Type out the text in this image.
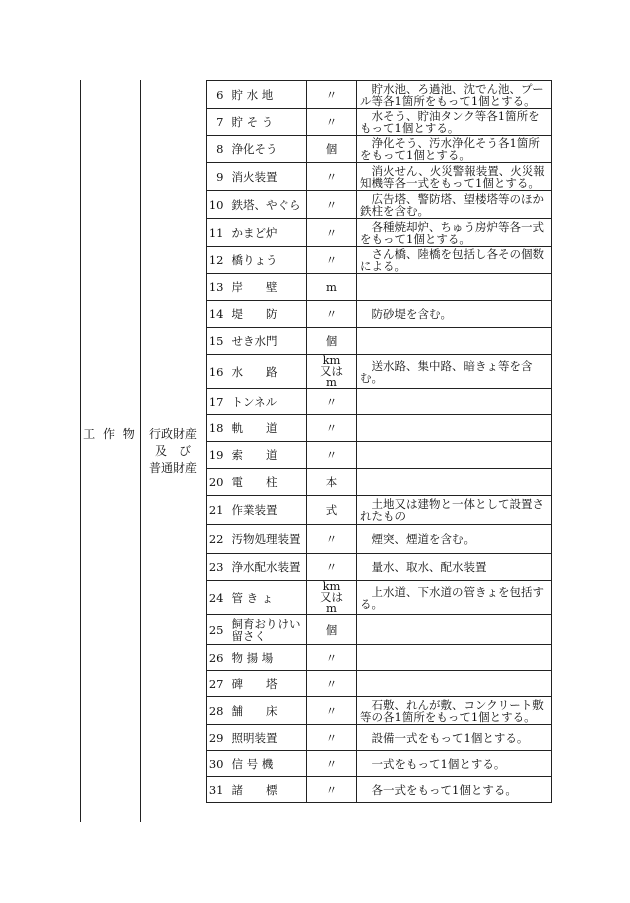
工 作 物	行政財産
及　び
普通財産
6	貯 水 地	〃	　貯水池、ろ過池、沈でん池、プール等各1箇所をもって1個とする。
7	貯 そ う	〃	　水そう、貯油タンク等各1箇所をもって1個とする。
8	浄化そう	個	　浄化そう、汚水浄化そう各1箇所をもって1個とする。
9	消火装置	〃	　消火せん、火災警報装置、火災報知機等各一式をもって1個とする。
10	鉄塔、やぐら	〃	　広告塔、警防塔、望楼塔等のほか鉄柱を含む。
11	かまど炉	〃	　各種焼却炉、ちゅう房炉等各一式をもって1個とする。
12	橋りょう	〃	　さん橋、陸橋を包括し各その個数による。
13	岸　　壁	m	
14	堤　　防	〃	　防砂堤を含む。
15	せき水門	個	
16	水　　路	km又はm	　送水路、集中路、暗きょ等を含む。
17	トンネル	〃	
18	軌　　道	〃	
19	索　　道	〃	
20	電　　柱	本	
21	作業装置	式	　土地又は建物と一体として設置されたもの
22	汚物処理装置	〃	　煙突、煙道を含む。
23	浄水配水装置	〃	　量水、取水、配水装置
24	管 き ょ	km又はm	　上水道、下水道の管きょを包括する。
25	飼育おりけい留さく	個	
26	物 揚 場	〃	
27	碑　　塔	〃	
28	舗　　床	〃	　石敷、れんが敷、コンクリート敷等の各1箇所をもって1個とする。
29	照明装置	〃	　設備一式をもって1個とする。
30	信 号 機	〃	　一式をもって1個とする。
31	諸　　標	〃	　各一式をもって1個とする。
